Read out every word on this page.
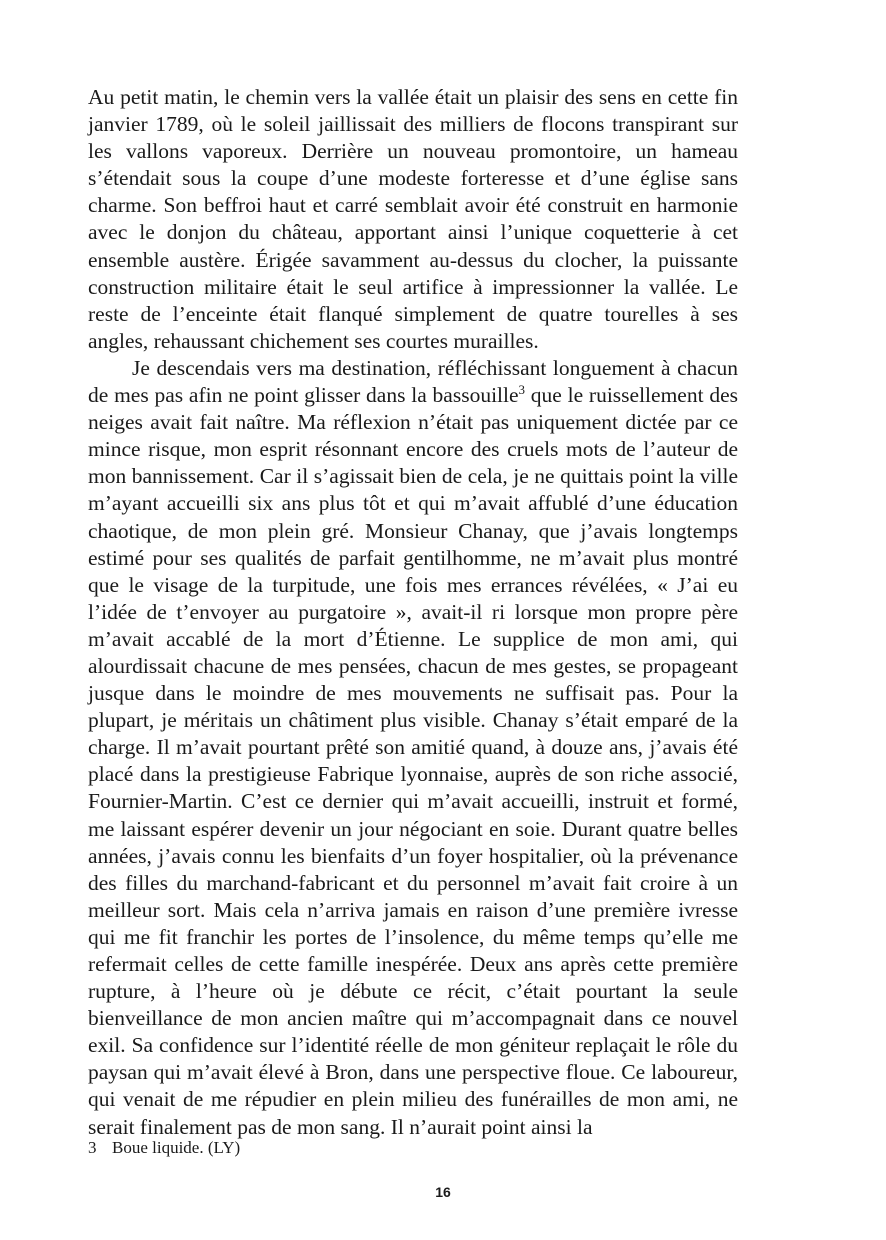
Au petit matin, le chemin vers la vallée était un plaisir des sens en cette fin janvier 1789, où le soleil jaillissait des milliers de flocons transpirant sur les vallons vaporeux. Derrière un nouveau promontoire, un hameau s’étendait sous la coupe d’une modeste forteresse et d’une église sans charme. Son beffroi haut et carré semblait avoir été construit en harmonie avec le donjon du château, apportant ainsi l’unique coquetterie à cet ensemble austère. Érigée savamment au-dessus du clocher, la puissante construction militaire était le seul artifice à impressionner la vallée. Le reste de l’enceinte était flanqué simplement de quatre tourelles à ses angles, rehaussant chichement ses courtes murailles.

Je descendais vers ma destination, réfléchissant longuement à chacun de mes pas afin ne point glisser dans la bassouille$^3$ que le ruissellement des neiges avait fait naître. Ma réflexion n’était pas uniquement dictée par ce mince risque, mon esprit résonnant encore des cruels mots de l’auteur de mon bannissement. Car il s’agissait bien de cela, je ne quittais point la ville m’ayant accueilli six ans plus tôt et qui m’avait affublé d’une éducation chaotique, de mon plein gré. Monsieur Chanay, que j’avais longtemps estimé pour ses qualités de parfait gentilhomme, ne m’avait plus montré que le visage de la turpitude, une fois mes errances révélées, « J’ai eu l’idée de t’envoyer au purgatoire », avait-il ri lorsque mon propre père m’avait accablé de la mort d’Étienne. Le supplice de mon ami, qui alourdissait chacune de mes pensées, chacun de mes gestes, se propageant jusque dans le moindre de mes mouvements ne suffisait pas. Pour la plupart, je méritais un châtiment plus visible. Chanay s’était emparé de la charge. Il m’avait pourtant prêté son amitié quand, à douze ans, j’avais été placé dans la prestigieuse Fabrique lyonnaise, auprès de son riche associé, Fournier-Martin. C’est ce dernier qui m’avait accueilli, instruit et formé, me laissant espérer devenir un jour négociant en soie. Durant quatre belles années, j’avais connu les bienfaits d’un foyer hospitalier, où la prévenance des filles du marchand-fabricant et du personnel m’avait fait croire à un meilleur sort. Mais cela n’arriva jamais en raison d’une première ivresse qui me fit franchir les portes de l’insolence, du même temps qu’elle me refermait celles de cette famille inespérée. Deux ans après cette première rupture, à l’heure où je débute ce récit, c’était pourtant la seule bienveillance de mon ancien maître qui m’accompagnait dans ce nouvel exil. Sa confidence sur l’identité réelle de mon géniteur replaçait le rôle du paysan qui m’avait élevé à Bron, dans une perspective floue. Ce laboureur, qui venait de me répudier en plein milieu des funérailles de mon ami, ne serait finalement pas de mon sang. Il n’aurait point ainsi la

3 Boue liquide. (LY)
16
